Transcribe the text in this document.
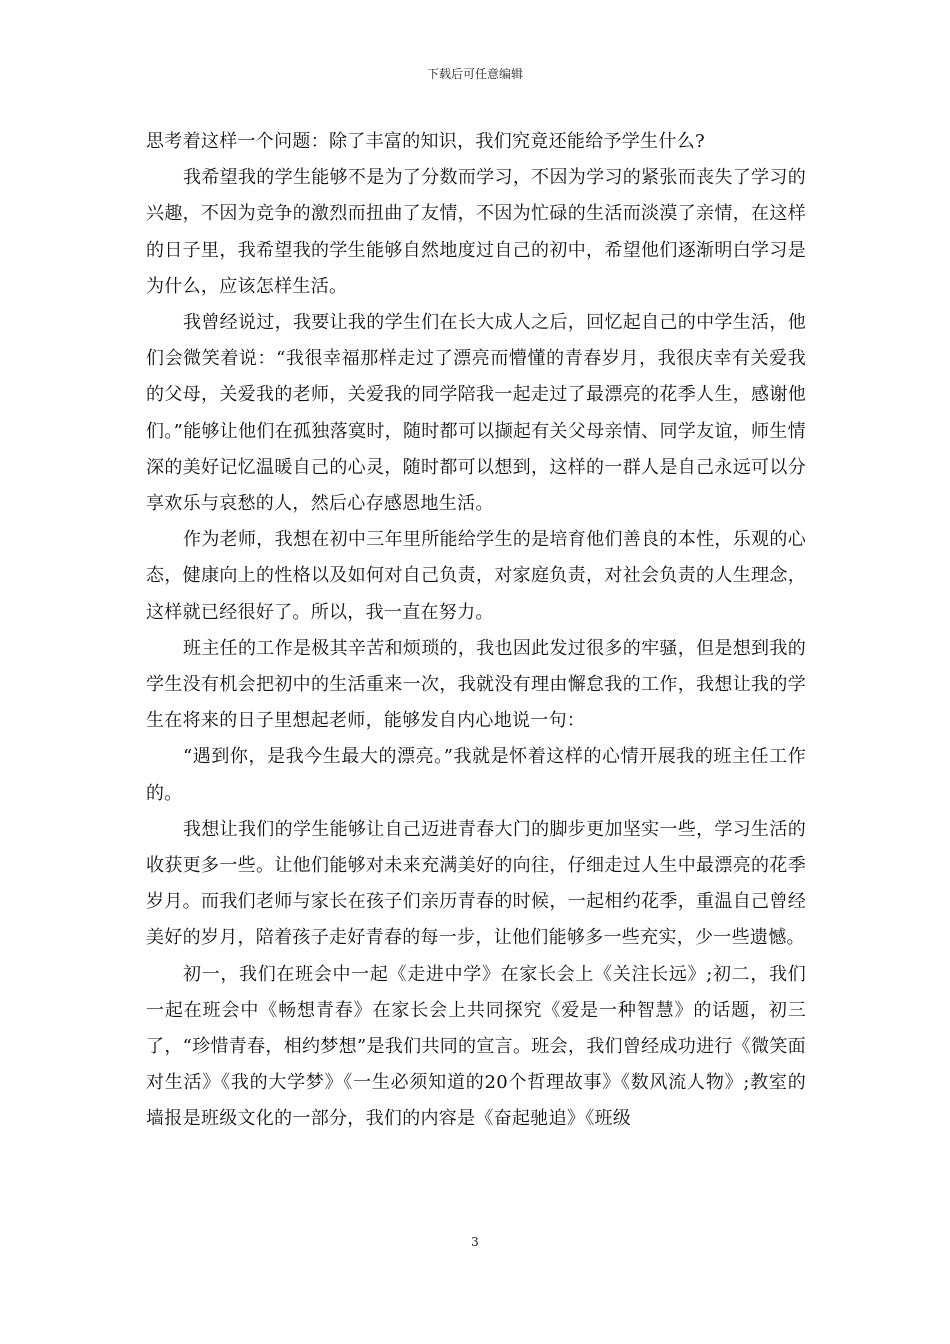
下载后可任意编辑

思考着这样一个问题：除了丰富的知识，我们究竟还能给予学生什么?

我希望我的学生能够不是为了分数而学习，不因为学习的紧张而丧失了学习的兴趣，不因为竞争的激烈而扭曲了友情，不因为忙碌的生活而淡漠了亲情，在这样的日子里，我希望我的学生能够自然地度过自己的初中，希望他们逐渐明白学习是为什么，应该怎样生活。

我曾经说过，我要让我的学生们在长大成人之后，回忆起自己的中学生活，他们会微笑着说：“我很幸福那样走过了漂亮而懵懂的青春岁月，我很庆幸有关爱我的父母，关爱我的老师，关爱我的同学陪我一起走过了最漂亮的花季人生，感谢他们。”能够让他们在孤独落寞时，随时都可以撷起有关父母亲情、同学友谊，师生情深的美好记忆温暖自己的心灵，随时都可以想到，这样的一群人是自己永远可以分享欢乐与哀愁的人，然后心存感恩地生活。

作为老师，我想在初中三年里所能给学生的是培育他们善良的本性，乐观的心态，健康向上的性格以及如何对自己负责，对家庭负责，对社会负责的人生理念，这样就已经很好了。所以，我一直在努力。

班主任的工作是极其辛苦和烦琐的，我也因此发过很多的牢骚，但是想到我的学生没有机会把初中的生活重来一次，我就没有理由懈怠我的工作，我想让我的学生在将来的日子里想起老师，能够发自内心地说一句：

“遇到你，是我今生最大的漂亮。”我就是怀着这样的心情开展我的班主任工作的。

我想让我们的学生能够让自己迈进青春大门的脚步更加坚实一些，学习生活的收获更多一些。让他们能够对未来充满美好的向往，仔细走过人生中最漂亮的花季岁月。而我们老师与家长在孩子们亲历青春的时候，一起相约花季，重温自己曾经美好的岁月，陪着孩子走好青春的每一步，让他们能够多一些充实，少一些遗憾。

初一，我们在班会中一起《走进中学》在家长会上《关注长远》;初二，我们一起在班会中《畅想青春》在家长会上共同探究《爱是一种智慧》的话题，初三了，“珍惜青春，相约梦想”是我们共同的宣言。班会，我们曾经成功进行《微笑面对生活》《我的大学梦》《一生必须知道的20个哲理故事》《数风流人物》;教室的墙报是班级文化的一部分，我们的内容是《奋起驰追》《班级

3
